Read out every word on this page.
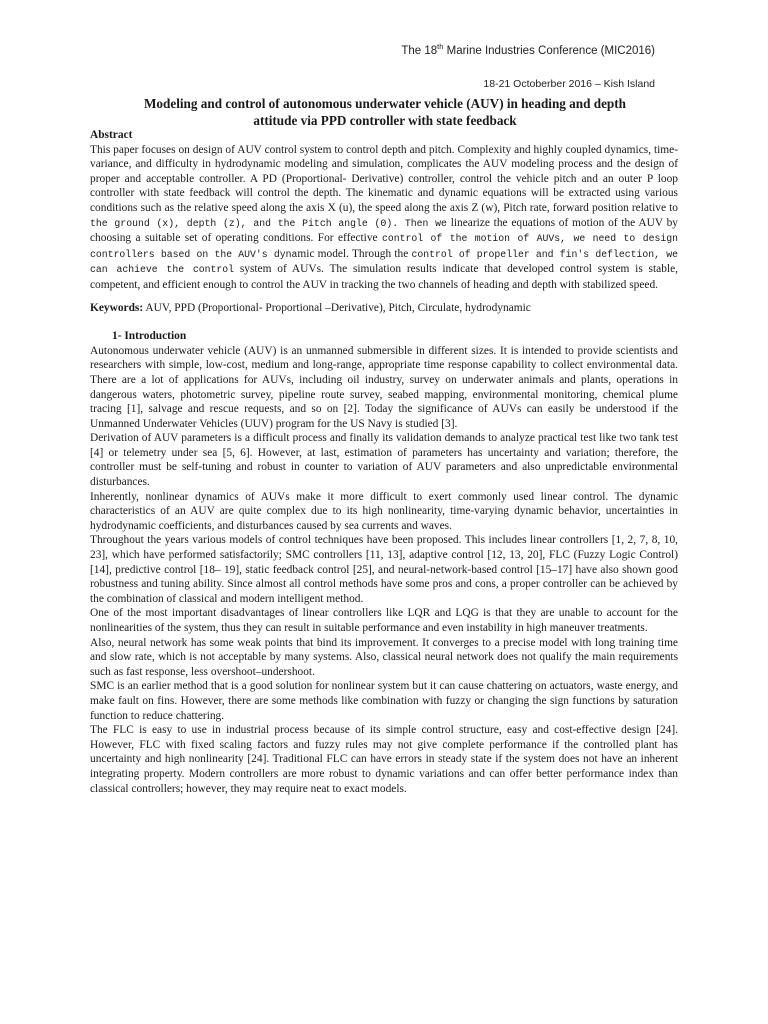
The 18th Marine Industries Conference (MIC2016)
18-21 Octoberber 2016 – Kish Island
Modeling and control of autonomous underwater vehicle (AUV) in heading and depth
attitude via PPD controller with state feedback

Abstract

This paper focuses on design of AUV control system to control depth and pitch. Complexity and highly coupled dynamics, time-variance, and difficulty in hydrodynamic modeling and simulation, complicates the AUV modeling process and the design of proper and acceptable controller. A PD (Proportional- Derivative) controller, control the vehicle pitch and an outer P loop controller with state feedback will control the depth. The kinematic and dynamic equations will be extracted using various conditions such as the relative speed along the axis X (u), the speed along the axis Z (w), Pitch rate, forward position relative to the ground (x), depth (z), and the Pitch angle (Θ). Then we linearize the equations of motion of the AUV by choosing a suitable set of operating conditions. For effective control of the motion of AUVs, we need to design controllers based on the AUV's dynamic model. Through the control of propeller and fin's deflection, we can achieve the control system of AUVs. The simulation results indicate that developed control system is stable, competent, and efficient enough to control the AUV in tracking the two channels of heading and depth with stabilized speed.

Keywords: AUV, PPD (Proportional- Proportional –Derivative), Pitch, Circulate, hydrodynamic

1- Introduction

Autonomous underwater vehicle (AUV) is an unmanned submersible in different sizes. It is intended to provide scientists and researchers with simple, low-cost, medium and long-range, appropriate time response capability to collect environmental data. There are a lot of applications for AUVs, including oil industry, survey on underwater animals and plants, operations in dangerous waters, photometric survey, pipeline route survey, seabed mapping, environmental monitoring, chemical plume tracing [1], salvage and rescue requests, and so on [2]. Today the significance of AUVs can easily be understood if the Unmanned Underwater Vehicles (UUV) program for the US Navy is studied [3].

Derivation of AUV parameters is a difficult process and finally its validation demands to analyze practical test like two tank test [4] or telemetry under sea [5, 6]. However, at last, estimation of parameters has uncertainty and variation; therefore, the controller must be self-tuning and robust in counter to variation of AUV parameters and also unpredictable environmental disturbances.

Inherently, nonlinear dynamics of AUVs make it more difficult to exert commonly used linear control. The dynamic characteristics of an AUV are quite complex due to its high nonlinearity, time-varying dynamic behavior, uncertainties in hydrodynamic coefficients, and disturbances caused by sea currents and waves.

Throughout the years various models of control techniques have been proposed. This includes linear controllers [1, 2, 7, 8, 10, 23], which have performed satisfactorily; SMC controllers [11, 13], adaptive control [12, 13, 20], FLC (Fuzzy Logic Control) [14], predictive control [18– 19], static feedback control [25], and neural-network-based control [15–17] have also shown good robustness and tuning ability. Since almost all control methods have some pros and cons, a proper controller can be achieved by the combination of classical and modern intelligent method.

One of the most important disadvantages of linear controllers like LQR and LQG is that they are unable to account for the nonlinearities of the system, thus they can result in suitable performance and even instability in high maneuver treatments.

Also, neural network has some weak points that bind its improvement. It converges to a precise model with long training time and slow rate, which is not acceptable by many systems. Also, classical neural network does not qualify the main requirements such as fast response, less overshoot–undershoot.

SMC is an earlier method that is a good solution for nonlinear system but it can cause chattering on actuators, waste energy, and make fault on fins. However, there are some methods like combination with fuzzy or changing the sign functions by saturation function to reduce chattering.

The FLC is easy to use in industrial process because of its simple control structure, easy and cost-effective design [24]. However, FLC with fixed scaling factors and fuzzy rules may not give complete performance if the controlled plant has uncertainty and high nonlinearity [24]. Traditional FLC can have errors in steady state if the system does not have an inherent integrating property. Modern controllers are more robust to dynamic variations and can offer better performance index than classical controllers; however, they may require neat to exact models.
